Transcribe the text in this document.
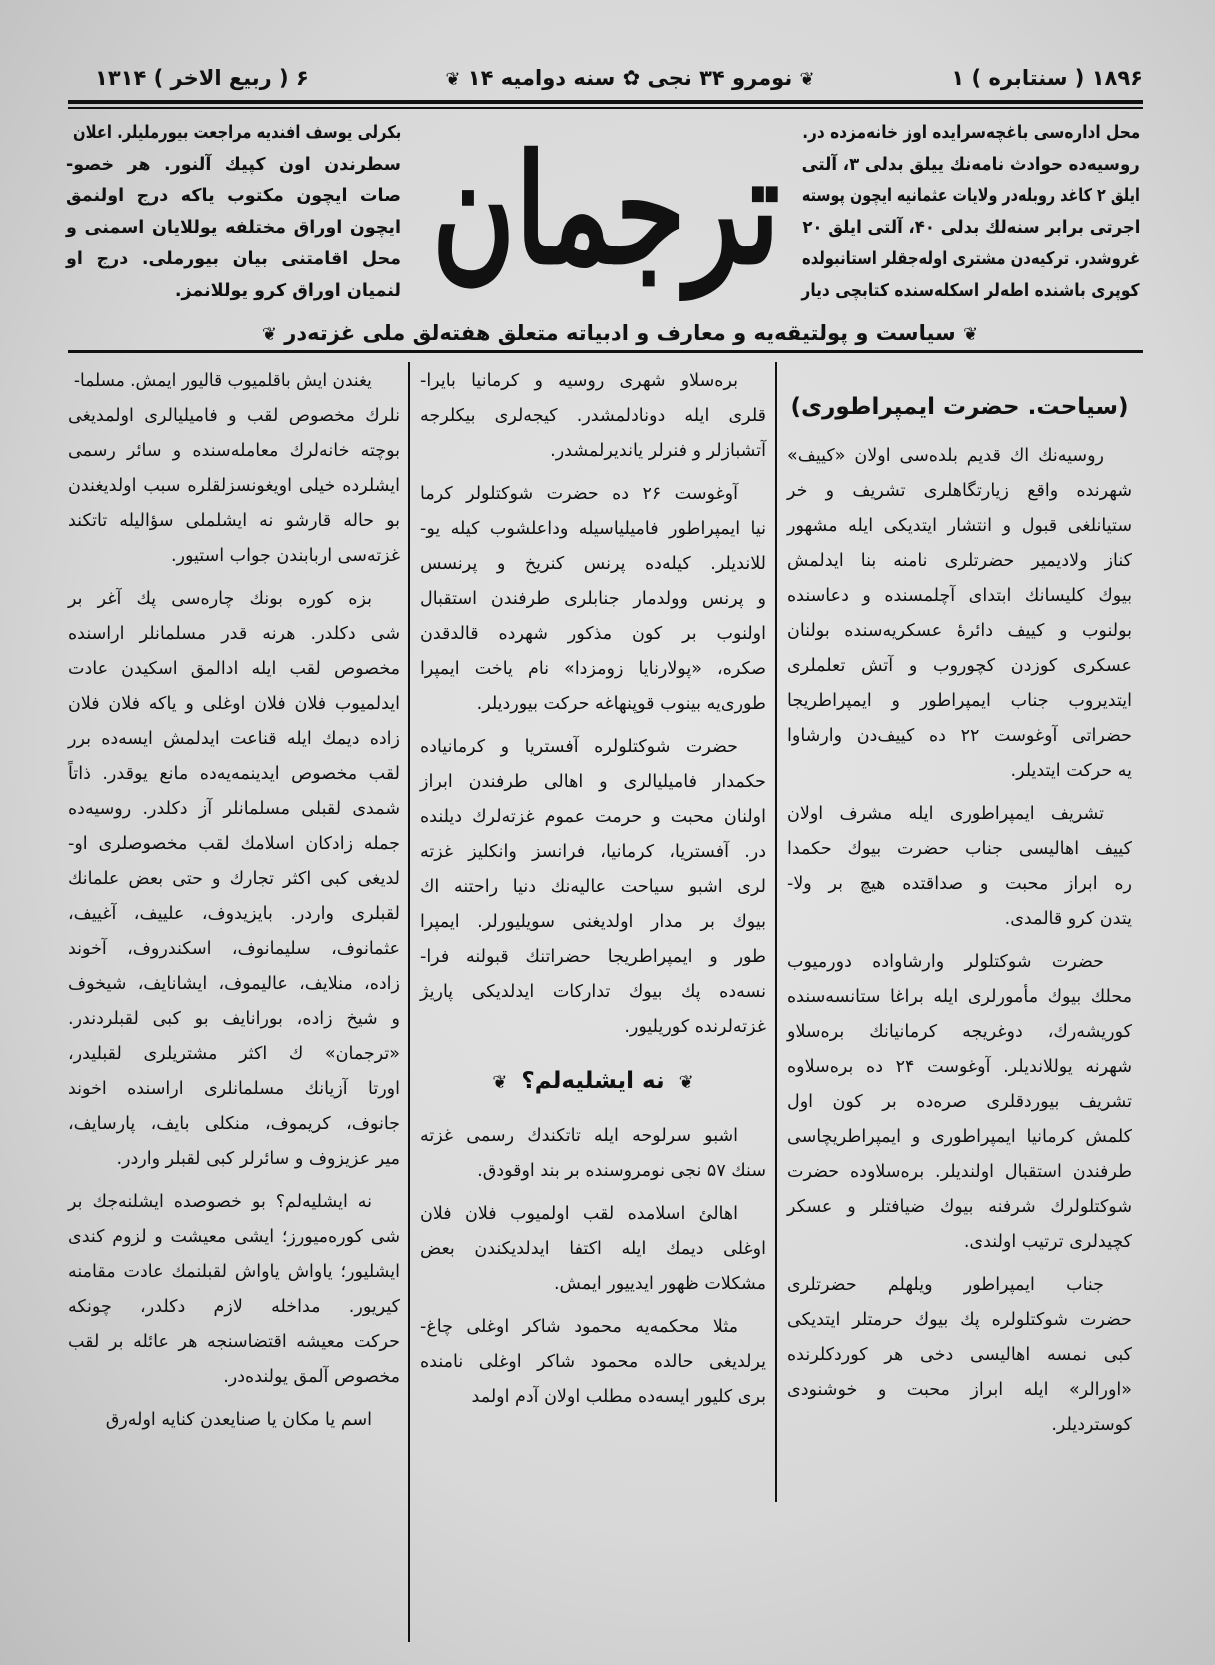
۱۸۹۶ ( سنتابره ) ۱
❦ نومرو ۳۴ نجی ✿ سنه دوامیه ۱۴ ❦
۶ ( ربیع الاخر ) ۱۳۱۴
محل اداره‌سی باغچه‌سرایده اوز خانه‌مزده در.
روسیه‌ده حوادث نامه‌نك ییلق بدلی ۳، آلتی
ایلق ۲ کاغد روبله‌در ولایات عثمانیه ایچون پوسته
اجرتی برابر سنه‌لك بدلی ۴۰، آلتی ایلق ۲۰
غروشدر. ترکیه‌دن مشتری اوله‌جقلر استانبولده
کوپری باشنده اطه‌لر اسکله‌سنده کتابچی دیار
بکرلی یوسف افندیه مراجعت بیورملیلر. اعلان
سطرندن اون کپیك آلنور. هر خصو-
صات ایچون مکتوب یاکه درج اولنمق
ایچون اوراق مختلفه یوللایان اسمنی و
محل اقامتنی بیان بیورملی. درج او
لنمیان اوراق کرو یوللانمز. ترجمان
❦ سیاست و پولتیقه‌یه و معارف و ادبیاته متعلق هفته‌لق ملی غزته‌در ❦
(سیاحت. حضرت ایمپراطوری)
روسیه‌نك اك قدیم بلده‌سی اولان «کییف»
شهرنده واقع زیارتگاهلری تشریف و خر
ستیانلغی قبول و انتشار ایتدیکی ایله مشهور
کناز ولادیمیر حضرتلری نامنه بنا ایدلمش
بیوك کلیسانك ابتدای آچلمسنده و دعاسنده
بولنوب و کییف دائرهٔ عسکریه‌سنده بولنان
عسکری کوزدن کچوروب و آتش تعلملری
ایتدیروب جناب ایمپراطور و ایمپراطریجا
حضراتی آوغوست ۲۲ ده کییف‌دن وارشاوا
یه حرکت ایتدیلر.
تشریف ایمپراطوری ایله مشرف اولان
کییف اهالیسی جناب حضرت بیوك حکمدا
ره ابراز محبت و صداقتده هیچ بر ولا-
یتدن کرو قالمدی.
حضرت شوکتلولر وارشاواده دورمیوب
محلك بیوك مأمورلری ایله براغا ستانسه‌سنده
کوریشه‌رك، دوغریجه کرمانیانك برەسلاو
شهرنه یوللاندیلر. آوغوست ۲۴ ده برەسلاوه
تشریف بیوردقلری صره‌ده بر کون اول
کلمش کرمانیا ایمپراطوری و ایمپراطریچاسی
طرفندن استقبال اولندیلر. برەسلاوده حضرت
شوکتلولرك شرفنه بیوك ضیافتلر و عسکر
کچیدلری ترتیب اولندی.
جناب ایمپراطور ویلهلم حضرتلری
حضرت شوکتلولره پك بیوك حرمتلر ایتدیکی
کبی نمسه اهالیسی دخی هر کوردکلرنده
«اورالر» ایله ابراز محبت و خوشنودی
کوستردیلر.
برەسلاو شهری روسیه و کرمانیا بایرا-
قلری ایله دونادلمشدر. کیجه‌لری بیکلرجه
آتشبازلر و فنرلر یاندیرلمشدر.
آوغوست ۲۶ ده حضرت شوکتلولر کرما
نیا ایمپراطور فامیلیاسیله وداعلشوب کیله یو-
للاندیلر. کیله‌ده پرنس کنریخ و پرنسس
و پرنس وولدمار جنابلری طرفندن استقبال
اولنوب بر کون مذکور شهرده قالدقدن
صکره، «پولارنایا زومزدا» نام یاخت ایمپرا
طوری‌یه بینوب قوپنهاغه حرکت بیوردیلر.
حضرت شوکتلولره آفستریا و کرمانیاده
حکمدار فامیلیالری و اهالی طرفندن ابراز
اولنان محبت و حرمت عموم غزته‌لرك دیلنده
در. آفستریا، کرمانیا، فرانسز وانکلیز غزته
لری اشبو سیاحت عالیه‌نك دنیا راحتنه اك
بیوك بر مدار اولدیغنی سویلیورلر. ایمپرا
طور و ایمپراطریجا حضراتنك قبولنه فرا-
نسه‌ده پك بیوك تدارکات ایدلدیکی پاریژ
غزته‌لرنده کوریلیور.
❦نه ایشلیه‌لم؟❦
اشبو سرلوحه ایله تاتکندك رسمی غزته
سنك ۵۷ نجی نومروسنده بر بند اوقودق.
اهالئ اسلامده لقب اولمیوب فلان فلان
اوغلی دیمك ایله اکتفا ایدلدیکندن بعض
مشکلات ظهور ایدییور ایمش.
مثلا محکمه‌یه محمود شاکر اوغلی چاغ-
یرلدیغی حالده محمود شاکر اوغلی نامنده
بری کلیور ایسه‌ده مطلب اولان آدم اولمد
یغندن ایش باقلمیوب قالیور ایمش. مسلما-
نلرك مخصوص لقب و فامیلیالری اولمدیغی
بوچته خانه‌لرك معامله‌سنده و سائر رسمی
ایشلرده خیلی اویغونسزلقلره سبب اولدیغندن
بو حاله قارشو نه ایشلملی سؤالیله تاتکند
غزته‌سی اربابندن جواب استیور.
بزه کوره بونك چاره‌سی پك آغر بر
شی دکلدر. هرنه قدر مسلمانلر اراسنده
مخصوص لقب ایله ادالمق اسکیدن عادت
ایدلمیوب فلان فلان اوغلی و یاکه فلان فلان
زاده دیمك ایله قناعت ایدلمش ایسه‌ده برر
لقب مخصوص ایدینمه‌یه‌ده مانع یوقدر. ذاتاً
شمدی لقبلی مسلمانلر آز دکلدر. روسیه‌ده
جمله زادکان اسلامك لقب مخصوصلری او-
لدیغی کبی اکثر تجارك و حتی بعض علمانك
لقبلری واردر. بایزیدوف، علییف، آغییف،
عثمانوف، سلیمانوف، اسکندروف، آخوند
زاده، منلایف، عالیموف، ایشانایف، شیخوف
و شیخ زاده، بورانایف بو کبی لقبلردندر.
«ترجمان» ك اکثر مشتریلری لقبلیدر،
اورتا آزیانك مسلمانلری اراسنده اخوند
جانوف، کریموف، منکلی بایف، پارسایف،
میر عزیزوف و سائرلر کبی لقبلر واردر.
نه ایشلیه‌لم؟ بو خصوصده ایشلنه‌جك بر
شی کوره‌میورز؛ ایشی معیشت و لزوم کندی
ایشلیور؛ یاواش یاواش لقبلنمك عادت مقامنه
کیریور. مداخله لازم دکلدر، چونکه
حرکت معیشه اقتضاسنجه هر عائله بر لقب
مخصوص آلمق یولنده‌در.
اسم یا مکان یا صنایعدن کنایه اوله‌رق
